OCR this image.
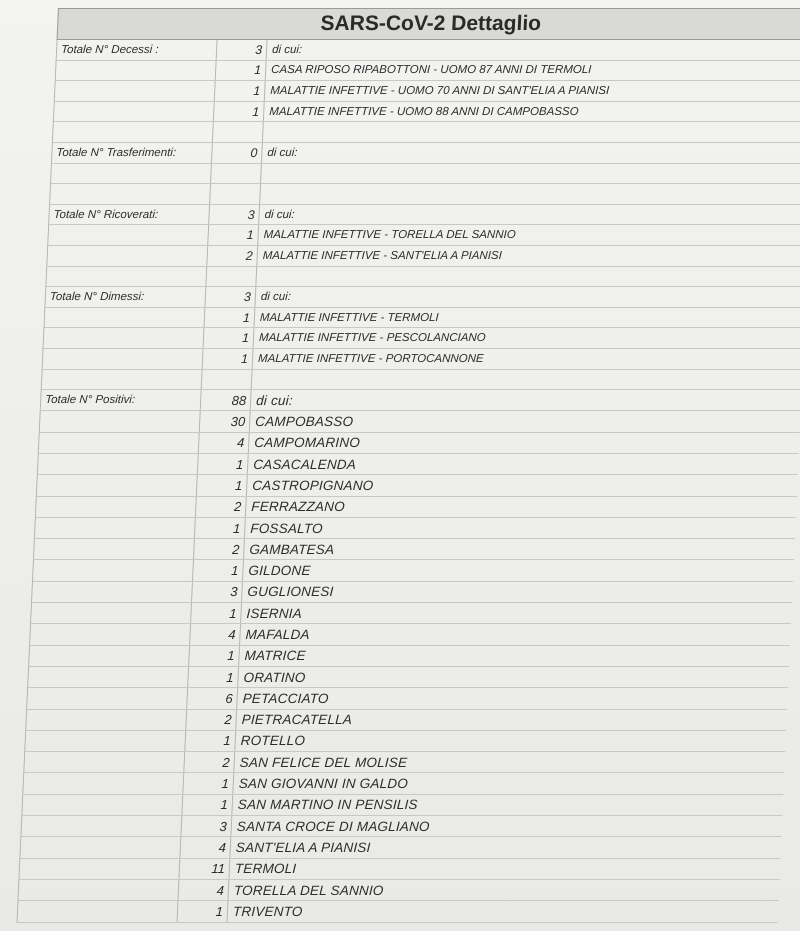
SARS-CoV-2 Dettaglio
Totale N° Decessi :	3 di cui:
1 CASA RIPOSO RIPABOTTONI - UOMO 87 ANNI DI TERMOLI
1 MALATTIE INFETTIVE - UOMO 70 ANNI DI SANT'ELIA A PIANISI
1 MALATTIE INFETTIVE - UOMO 88 ANNI DI CAMPOBASSO
Totale N° Trasferimenti:	0 di cui:
Totale N° Ricoverati:	3 di cui:
1 MALATTIE INFETTIVE - TORELLA DEL SANNIO
2 MALATTIE INFETTIVE - SANT'ELIA A PIANISI
Totale N° Dimessi:	3 di cui:
1 MALATTIE INFETTIVE - TERMOLI
1 MALATTIE INFETTIVE - PESCOLANCIANO
1 MALATTIE INFETTIVE - PORTOCANNONE
Totale N° Positivi:	88 di cui:
30 CAMPOBASSO
4 CAMPOMARINO
1 CASACALENDA
1 CASTROPIGNANO
2 FERRAZZANO
1 FOSSALTO
2 GAMBATESA
1 GILDONE
3 GUGLIONESI
1 ISERNIA
4 MAFALDA
1 MATRICE
1 ORATINO
6 PETACCIATO
2 PIETRACATELLA
1 ROTELLO
2 SAN FELICE DEL MOLISE
1 SAN GIOVANNI IN GALDO
1 SAN MARTINO IN PENSILIS
3 SANTA CROCE DI MAGLIANO
4 SANT'ELIA A PIANISI
11 TERMOLI
4 TORELLA DEL SANNIO
1 TRIVENTO
